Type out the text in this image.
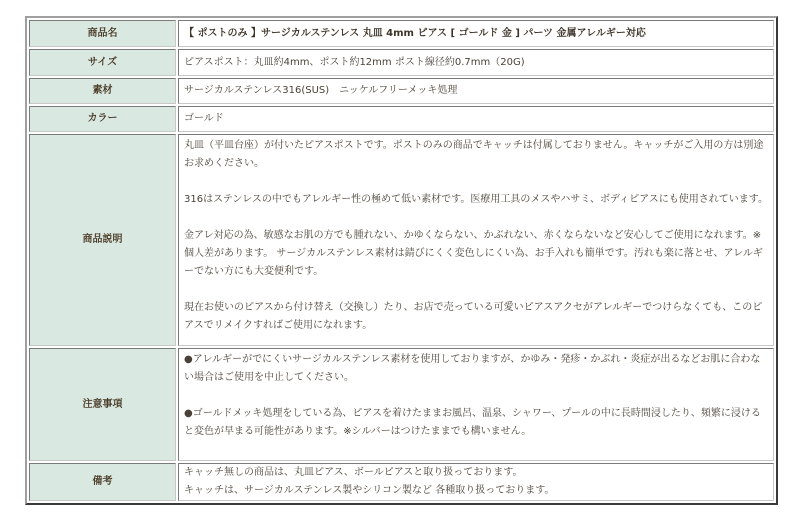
商品名	【 ポストのみ 】サージカルステンレス 丸皿 4mm ピアス [ ゴールド 金 ] パーツ 金属アレルギー対応
サイズ	ピアスポスト：丸皿約4mm、ポスト約12mm ポスト線径約0.7mm（20G)
素材	サージカルステンレス316(SUS)　ニッケルフリーメッキ処理
カラー	ゴールド
商品説明	丸皿（平皿台座）が付いたピアスポストです。ポストのみの商品でキャッチは付属しておりません。キャッチがご入用の方は別途お求めください。

316はステンレスの中でもアレルギー性の極めて低い素材です。医療用工具のメスやハサミ、ボディピアスにも使用されています。

金アレ対応の為、敏感なお肌の方でも腫れない、かゆくならない、かぶれない、赤くならないなど安心してご使用になれます。※個人差があります。 サージカルステンレス素材は錆びにくく変色しにくい為、お手入れも簡単です。汚れも楽に落とせ、アレルギーでない方にも大変便利です。

現在お使いのピアスから付け替え（交換し）たり、お店で売っている可愛いピアスアクセがアレルギーでつけらなくても、このピアスでリメイクすればご使用になれます。

注意事項	●アレルギーがでにくいサージカルステンレス素材を使用しておりますが、かゆみ・発疹・かぶれ・炎症が出るなどお肌に合わない場合はご使用を中止してください。

●ゴールドメッキ処理をしている為、ピアスを着けたままお風呂、温泉、シャワー、プールの中に長時間浸したり、頻繁に浸けると変色が早まる可能性があります。※シルバーはつけたままでも構いません。

備考	キャッチ無しの商品は、丸皿ピアス、ボールピアスと取り扱っております。

キャッチは、サージカルステンレス製やシリコン製など 各種取り扱っております。
